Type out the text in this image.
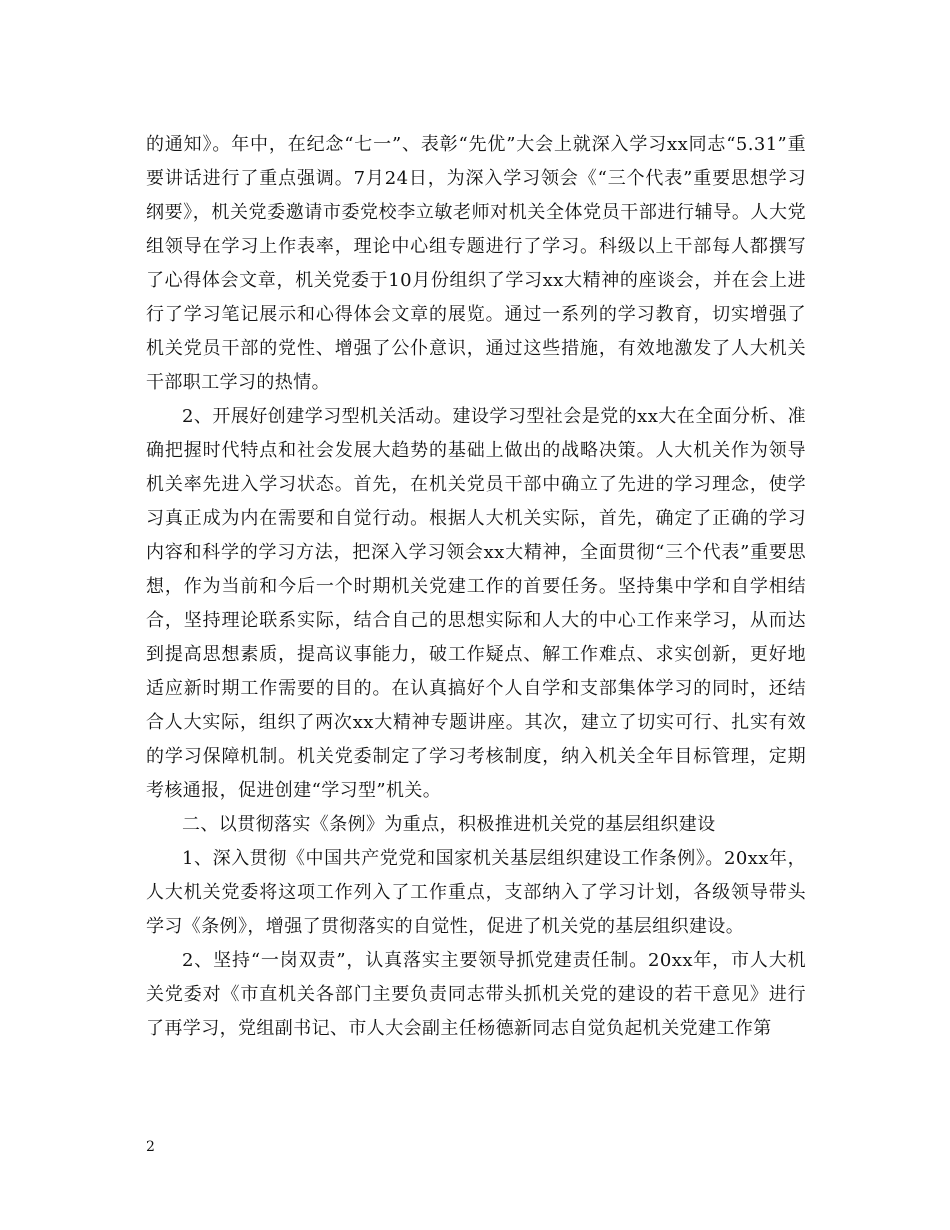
的通知》。年中，在纪念“七一”、表彰“先优”大会上就深入学习xx同志“5.31”重要讲话进行了重点强调。7月24日，为深入学习领会《“三个代表”重要思想学习纲要》，机关党委邀请市委党校李立敏老师对机关全体党员干部进行辅导。人大党组领导在学习上作表率，理论中心组专题进行了学习。科级以上干部每人都撰写了心得体会文章，机关党委于10月份组织了学习xx大精神的座谈会，并在会上进行了学习笔记展示和心得体会文章的展览。通过一系列的学习教育，切实增强了机关党员干部的党性、增强了公仆意识，通过这些措施，有效地激发了人大机关干部职工学习的热情。

2、开展好创建学习型机关活动。建设学习型社会是党的xx大在全面分析、准确把握时代特点和社会发展大趋势的基础上做出的战略决策。人大机关作为领导机关率先进入学习状态。首先，在机关党员干部中确立了先进的学习理念，使学习真正成为内在需要和自觉行动。根据人大机关实际，首先，确定了正确的学习内容和科学的学习方法，把深入学习领会xx大精神，全面贯彻“三个代表”重要思想，作为当前和今后一个时期机关党建工作的首要任务。坚持集中学和自学相结合，坚持理论联系实际，结合自己的思想实际和人大的中心工作来学习，从而达到提高思想素质，提高议事能力，破工作疑点、解工作难点、求实创新，更好地适应新时期工作需要的目的。在认真搞好个人自学和支部集体学习的同时，还结合人大实际，组织了两次xx大精神专题讲座。其次，建立了切实可行、扎实有效的学习保障机制。机关党委制定了学习考核制度，纳入机关全年目标管理，定期考核通报，促进创建“学习型”机关。

二、以贯彻落实《条例》为重点，积极推进机关党的基层组织建设

1、深入贯彻《中国共产党党和国家机关基层组织建设工作条例》。20xx年，人大机关党委将这项工作列入了工作重点，支部纳入了学习计划，各级领导带头学习《条例》，增强了贯彻落实的自觉性，促进了机关党的基层组织建设。

2、坚持“一岗双责”，认真落实主要领导抓党建责任制。20xx年，市人大机关党委对《市直机关各部门主要负责同志带头抓机关党的建设的若干意见》进行了再学习，党组副书记、市人大会副主任杨德新同志自觉负起机关党建工作第

2
